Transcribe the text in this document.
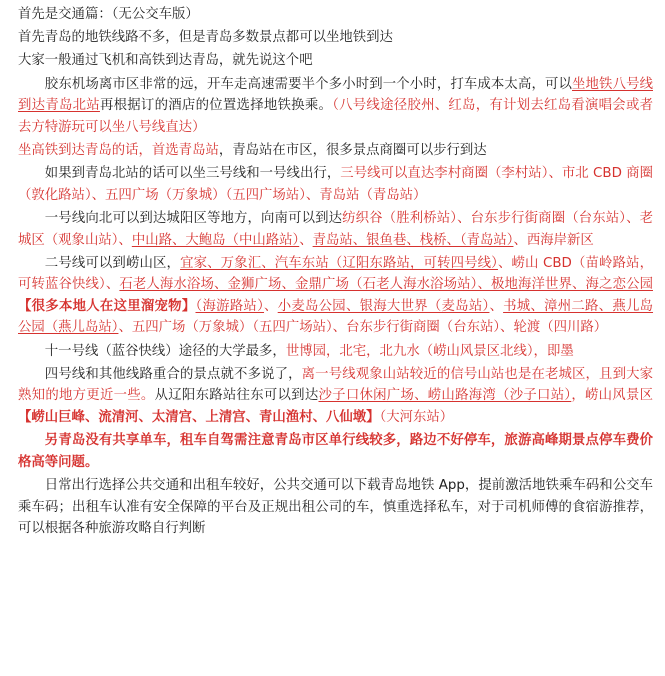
首先是交通篇：（无公交车版）

首先青岛的地铁线路不多，但是青岛多数景点都可以坐地铁到达

大家一般通过飞机和高铁到达青岛，就先说这个吧

胶东机场离市区非常的远，开车走高速需要半个多小时到一个小时，打车成本太高，可以坐地铁八号线到达青岛北站再根据订的酒店的位置选择地铁换乘。（八号线途径胶州、红岛，有计划去红岛看演唱会或者去方特游玩可以坐八号线直达）

坐高铁到达青岛的话，首选青岛站，青岛站在市区，很多景点商圈可以步行到达

如果到青岛北站的话可以坐三号线和一号线出行，三号线可以直达李村商圈（李村站）、市北 CBD 商圈（敦化路站）、五四广场（万象城）（五四广场站）、青岛站（青岛站）

一号线向北可以到达城阳区等地方，向南可以到达纺织谷（胜利桥站）、台东步行街商圈（台东站）、老城区（观象山站）、中山路、大鲍岛（中山路站）、青岛站、银鱼巷、栈桥、（青岛站）、西海岸新区

二号线可以到崂山区，宜家、万象汇、汽车东站（辽阳东路站，可转四号线）、崂山 CBD（苗岭路站，可转蓝谷快线）、石老人海水浴场、金狮广场、金鼎广场（石老人海水浴场站）、极地海洋世界、海之恋公园【很多本地人在这里溜宠物】（海游路站）、小麦岛公园、银海大世界（麦岛站）、书城、漳州二路、燕儿岛公园（燕儿岛站）、五四广场（万象城）（五四广场站）、台东步行街商圈（台东站）、轮渡（四川路）

十一号线（蓝谷快线）途径的大学最多，世博园，北宅，北九水（崂山风景区北线），即墨

四号线和其他线路重合的景点就不多说了，离一号线观象山站较近的信号山站也是在老城区，且到大家熟知的地方更近一些。从辽阳东路站往东可以到达沙子口休闲广场、崂山路海湾（沙子口站），崂山风景区【崂山巨峰、流清河、太清宫、上清宫、青山渔村、八仙墩】（大河东站）

另青岛没有共享单车，租车自驾需注意青岛市区单行线较多，路边不好停车，旅游高峰期景点停车费价格高等问题。

日常出行选择公共交通和出租车较好，公共交通可以下载青岛地铁 App，提前激活地铁乘车码和公交车乘车码；出租车认准有安全保障的平台及正规出租公司的车，慎重选择私车，对于司机师傅的食宿游推荐，可以根据各种旅游攻略自行判断
